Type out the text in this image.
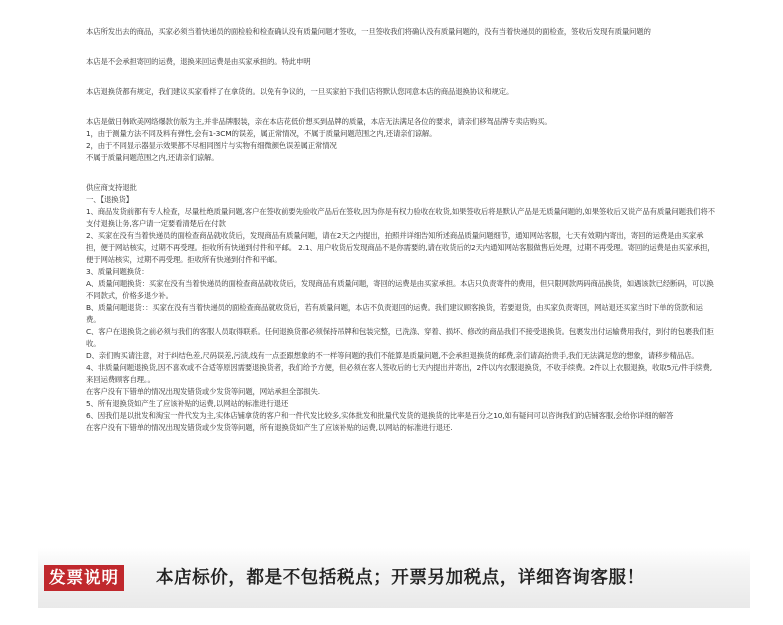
本店所发出去的商品，买家必须当着快递员的面检验和检查确认没有质量问题才签收，一旦签收我们将确认没有质量问题的，没有当着快递员的面检查，签收后发现有质量问题的

本店是不会承担寄回的运费，退换来回运费是由买家承担的。特此申明

本店退换货都有规定，我们建议买家看样了在拿货的。以免有争议的，一旦买家拍下我们店将默认您同意本店的商品退换协议和规定。

本店是做日韩欧美网络爆款仿版为主,并非品牌服装，亲在本店花低价想买到品牌的质量，本店无法满足各位的要求，请亲们移驾品牌专卖店购买。

1，由于测量方法不同及料有弹性,会有1-3CM的误差，属正常情况，不属于质量问题范围之内,还请亲们谅解。

2，由于不同显示器显示效果都不尽相同图片与实物有细微颜色误差属正常情况

不属于质量问题范围之内,还请亲们谅解。

供应商支持退批

一、【退换货】

1、商品发货前都有专人检查，尽量杜绝质量问题,客户在签收前要先验收产品后在签收,因为你是有权力验收在收货,如果签收后将是默认产品是无质量问题的,如果签收后又说产品有质量问题我们将不支付退换让务,客户请一定要看清楚后在付款

2、买家在没有当着快递员的面检查商品就收货后，发现商品有质量问题，请在2天之内提出，拍照并详细告知所述商品质量问题细节，通知网站客服，七天有效期内寄出，寄回的运费是由买家承担，便于网站核实，过期不再受理。拒收所有快递到付件和平邮。 2.1、用户收货后发现商品不是你需要的,请在收货后的2天内通知网站客服做售后处理，过期不再受理。寄回的运费是由买家承担，便于网站核实，过期不再受理。拒收所有快递到付件和平邮。

3、质量问题换货：

A、质量问题换货：买家在没有当着快递员的面检查商品就收货后，发现商品有质量问题，寄回的运费是由买家承担。本店只负责寄件的费用，但只限网款两码商品换货，如遇该款已经断码，可以换不同款式，价格多退少补。

B、质量问题退货：：买家在没有当着快递员的面检查商品就收货后，若有质量问题，本店不负责退回的运费。我们建议顾客换货，若要退货，由买家负责寄回，网站退还买家当时下单的货款和运费。

C、客户在退换货之前必须与我们的客服人员取得联系。任何退换货都必须保持吊牌和包装完整，已洗涤、穿着、损坏、修改的商品我们不接受退换货。包裹发出付运输费用我付，到付的包裹我们拒收。

D、亲们购买请注意，对于纠结色差,尺码误差,污渍,线有一点歪跟想象的不一样等问题的我们不能算是质量问题,不会承担退换货的邮费,亲们请高抬贵手,我们无法满足您的想象，请移步精品店。

4、非质量问题退换货,因不喜欢或不合适等原因需要退换货者，我们给予方便，但必须在客人签收后的七天内提出并寄出，2件以内衣服退换货，不收手续费。2件以上衣服退换，收取5元/件手续费,来回运费顾客自理。。

在客户没有下错单的情况出现发错货或少发货等问题，网站承担全部损失.

5、所有退换货如产生了应该补贴的运费,以网站的标准进行退还

6、因我们是以批发和淘宝一件代发为主,实体店铺拿货的客户和一件代发比较多,实体批发和批量代发货的退换货的比率是百分之10,如有疑问可以咨询我们的店铺客服,会给你详细的解答

在客户没有下错单的情况出现发错货或少发货等问题，所有退换货如产生了应该补贴的运费,以网站的标准进行退还.

发票说明 本店标价，都是不包括税点；开票另加税点，详细咨询客服！
